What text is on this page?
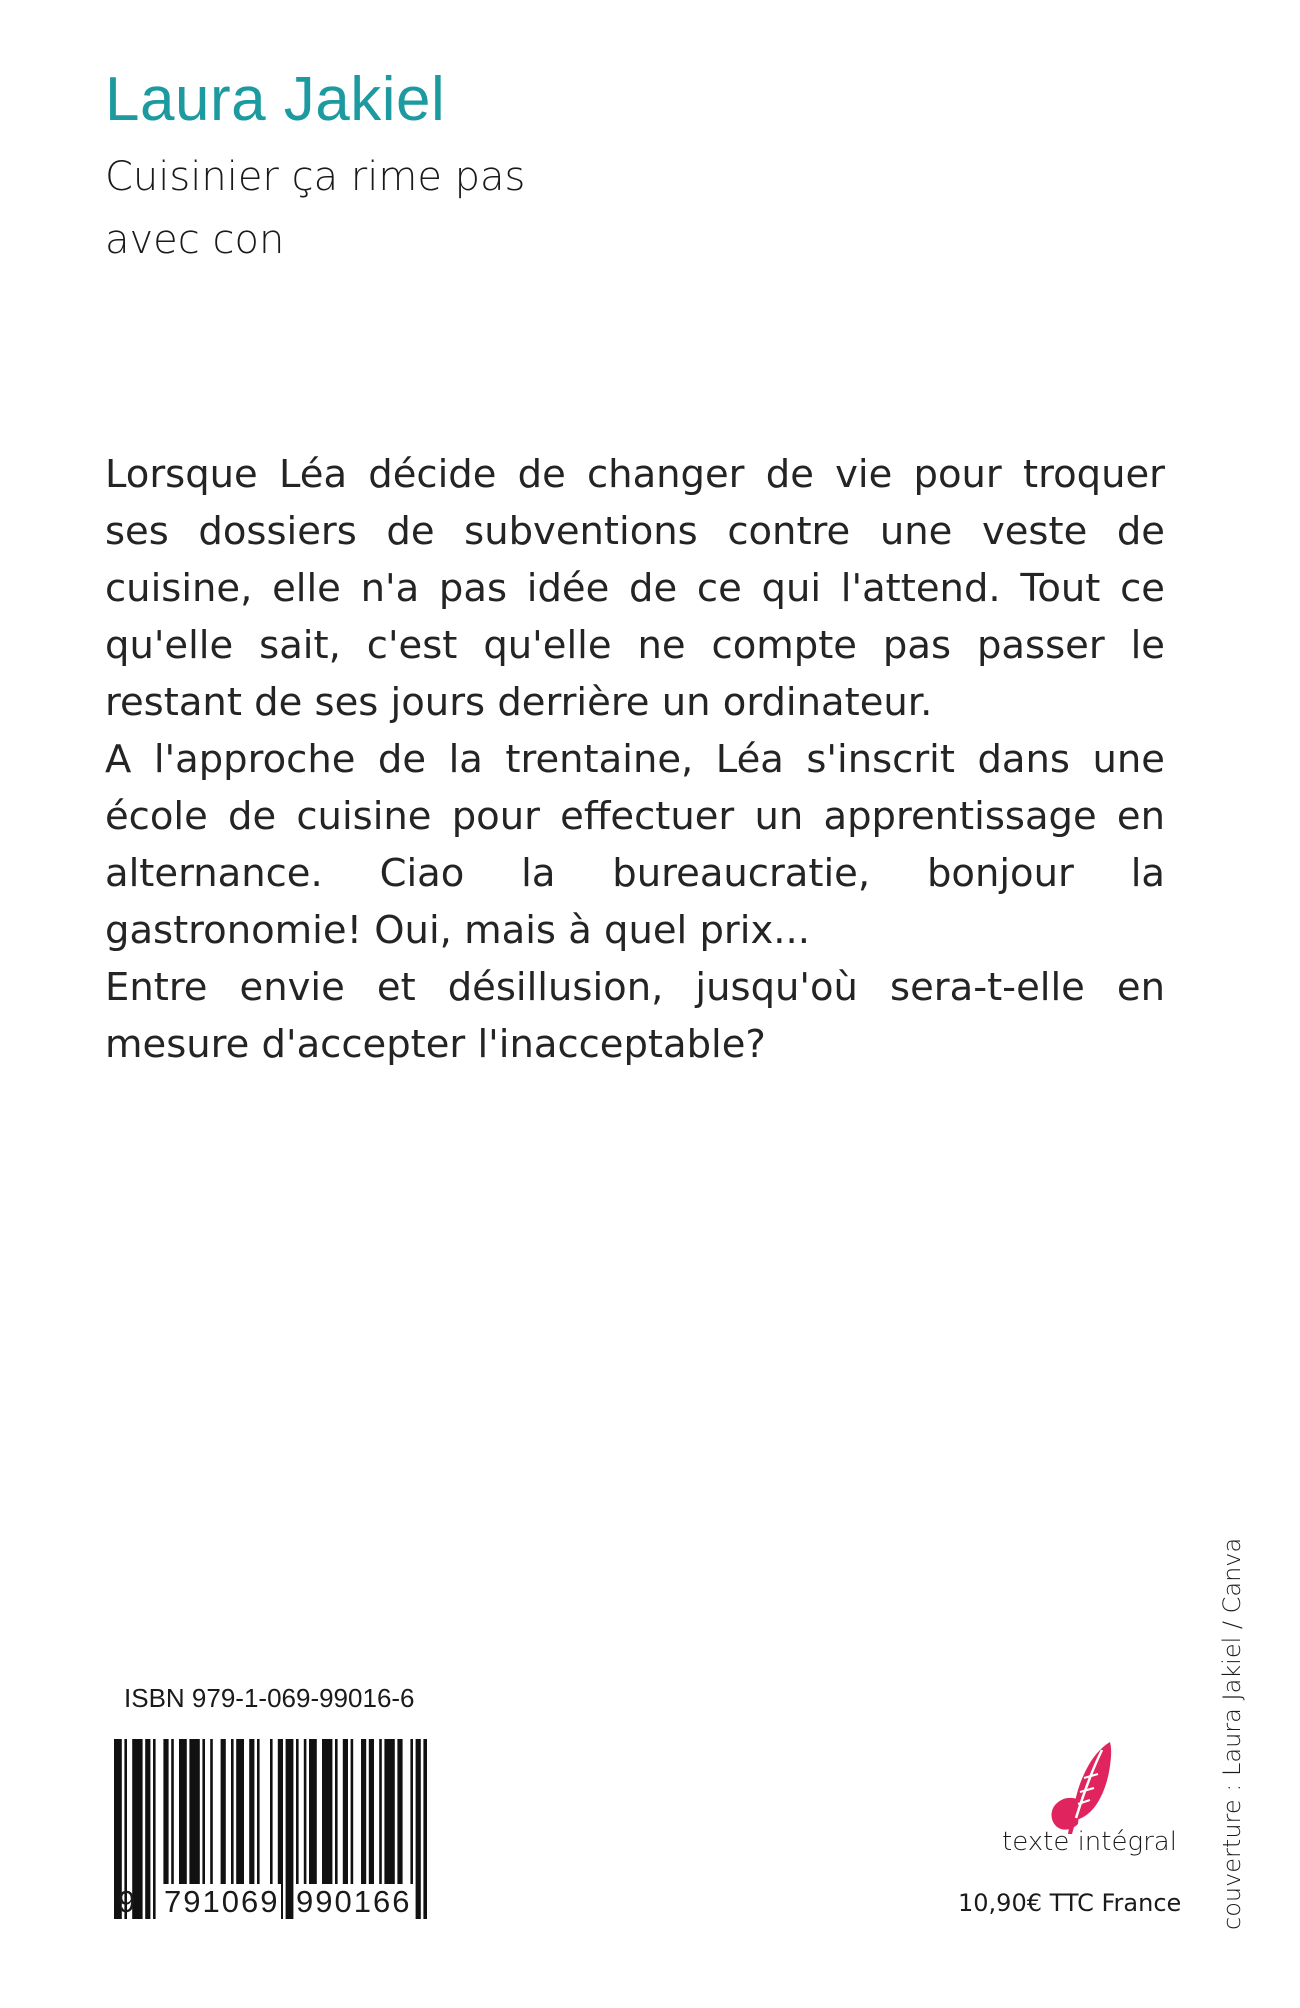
Laura Jakiel
Cuisinier ça rime pas
avec con

Lorsque Léa décide de changer de vie pour troquer ses dossiers de subventions contre une veste de cuisine, elle n'a pas idée de ce qui l'attend. Tout ce qu'elle sait, c'est qu'elle ne compte pas passer le restant de ses jours derrière un ordinateur.

A l'approche de la trentaine, Léa s'inscrit dans une école de cuisine pour effectuer un apprentissage en alternance. Ciao la bureaucratie, bonjour la gastronomie! Oui, mais à quel prix...

Entre envie et désillusion, jusqu'où sera-t-elle en mesure d'accepter l'inacceptable?

ISBN 979-1-069-99016-6
9 791069 990166
texte intégral
10,90€ TTC France couverture : Laura Jakiel / Canva
